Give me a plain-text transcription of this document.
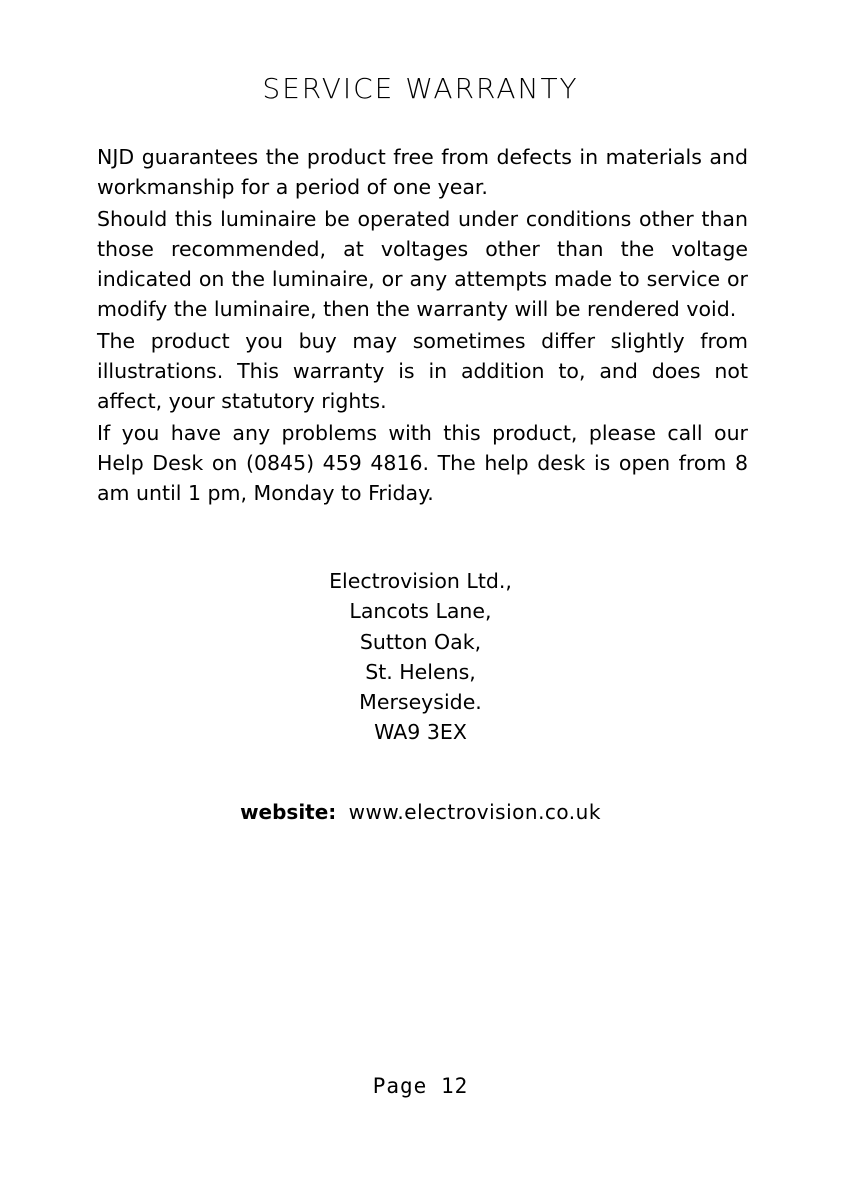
SERVICE WARRANTY

NJD guarantees the product free from defects in materials and workmanship for a period of one year.

Should this luminaire be operated under conditions other than those recommended, at voltages other than the voltage indicated on the luminaire, or any attempts made to service or modify the luminaire, then the warranty will be rendered void.

The product you buy may sometimes differ slightly from illustrations. This warranty is in addition to, and does not affect, your statutory rights.

If you have any problems with this product, please call our Help Desk on (0845) 459 4816. The help desk is open from 8 am until 1 pm, Monday to Friday.

Electrovision Ltd.,
Lancots Lane,
Sutton Oak,
St. Helens,
Merseyside.
WA9 3EX
website: www.electrovision.co.uk
Page 12
